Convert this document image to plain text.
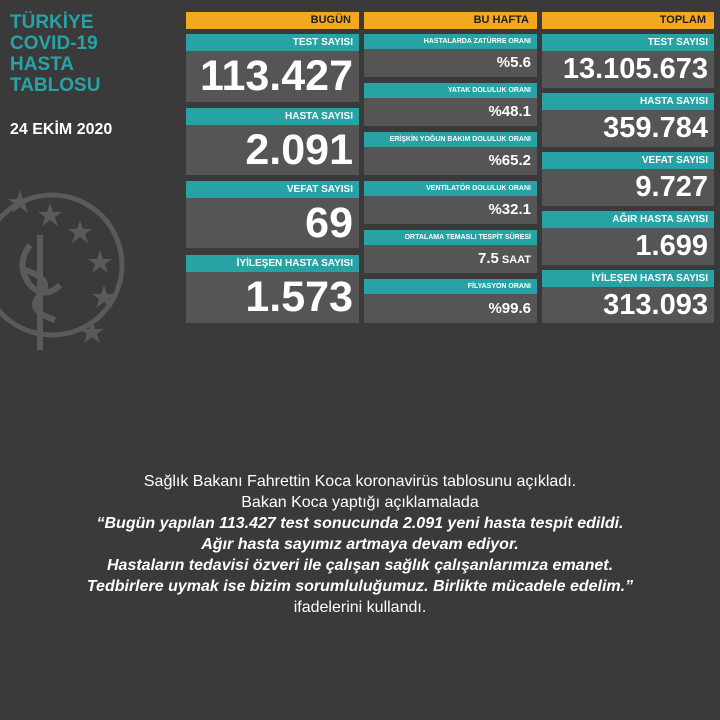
TÜRKİYE
COVID-19
HASTA
TABLOSU
24 EKİM 2020
BUGÜN	BU HAFTA	TOPLAM
TEST SAYISI
113.427
HASTA SAYISI
2.091
VEFAT SAYISI
69
İYİLEŞEN HASTA SAYISI
1.573
HASTALARDA ZATÜRRE ORANI
%5.6
YATAK DOLULUK ORANI
%48.1
ERİŞKİN YOĞUN BAKIM DOLULUK ORANI
%65.2
VENTİLATÖR DOLULUK ORANI
%32.1
ORTALAMA TEMASLI TESPİT SÜRESİ
7.5 SAAT
FİLYASYON ORANI
%99.6
TEST SAYISI
13.105.673
HASTA SAYISI
359.784
VEFAT SAYISI
9.727
AĞIR HASTA SAYISI
1.699
İYİLEŞEN HASTA SAYISI
313.093
Sağlık Bakanı Fahrettin Koca koronavirüs tablosunu açıkladı.
Bakan Koca yaptığı açıklamalada
“Bugün yapılan 113.427 test sonucunda 2.091 yeni hasta tespit edildi.
Ağır hasta sayımız artmaya devam ediyor.
Hastaların tedavisi özveri ile çalışan sağlık çalışanlarımıza emanet.
Tedbirlere uymak ise bizim sorumluluğumuz. Birlikte mücadele edelim.”
ifadelerini kullandı.
